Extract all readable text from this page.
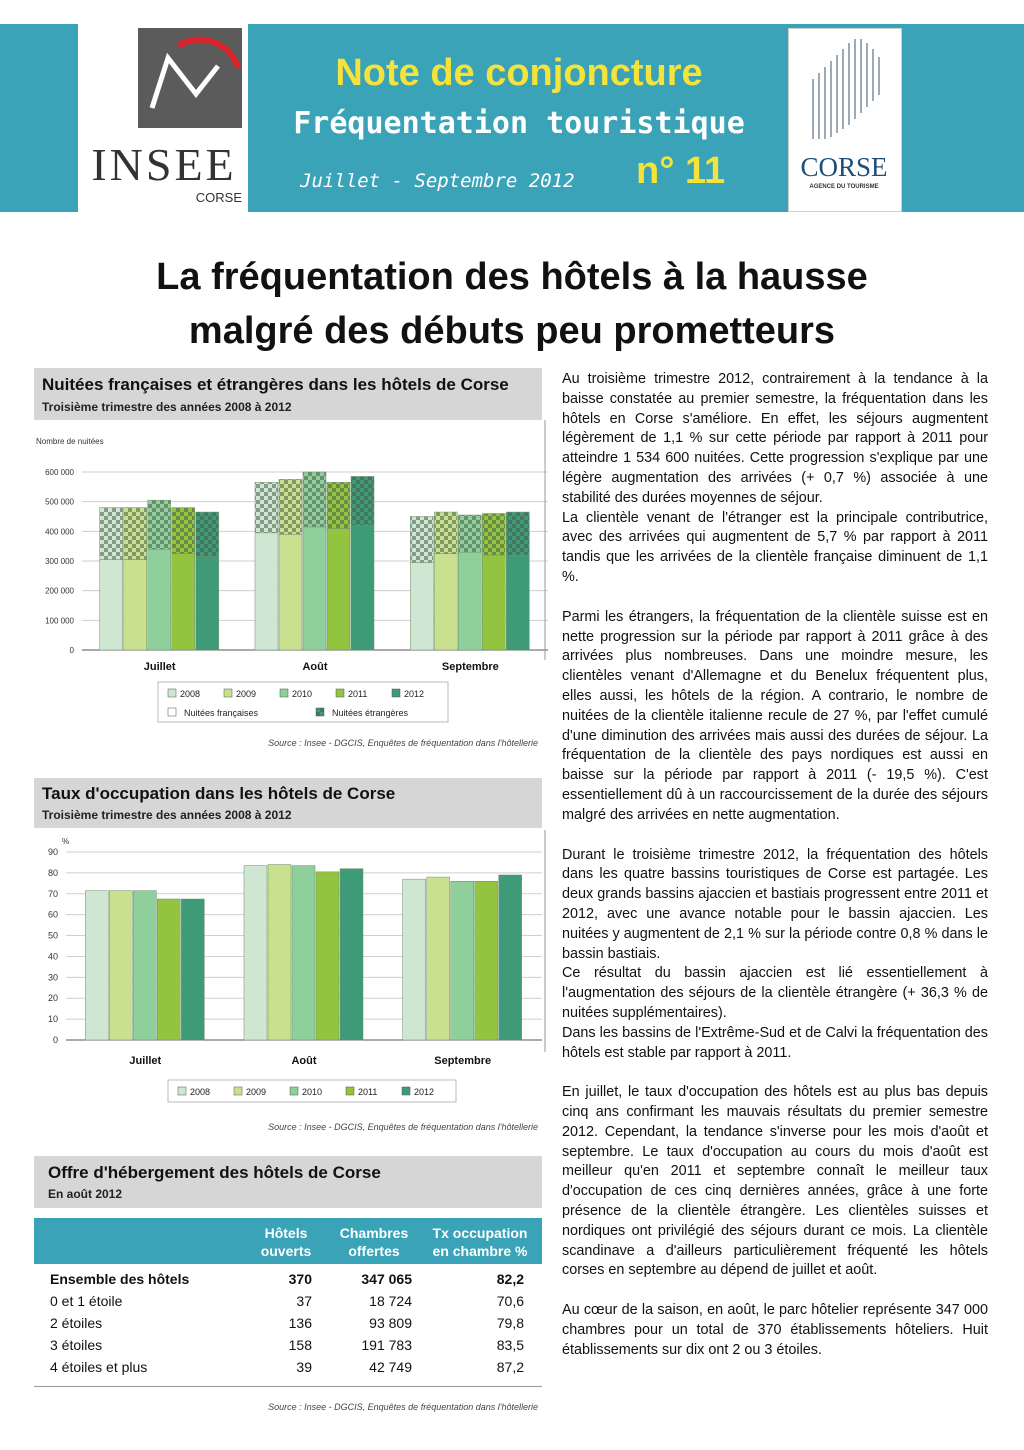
INSEE
CORSE
Note de conjoncture
Fréquentation touristique
Juillet - Septembre 2012	n° 11	CORSE
AGENCE DU TOURISME
La fréquentation des hôtels à la hausse
malgré des débuts peu prometteurs
Nuitées françaises et étrangères dans les hôtels de Corse
Troisième trimestre des années 2008 à 2012
Nombre de nuitées
0
100 000
200 000
300 000
400 000
500 000
600 000
Juillet	Août	Septembre
2008	2009	2010	2011	2012
Nuitées françaises	Nuitées étrangères
Source : Insee - DGCIS, Enquêtes de fréquentation dans l'hôtellerie
Taux d'occupation dans les hôtels de Corse
Troisième trimestre des années 2008 à 2012
%
0
10
20
30
40
50
60
70
80
90
Juillet	Août	Septembre
2008	2009	2010	2011	2012
Source : Insee - DGCIS, Enquêtes de fréquentation dans l'hôtellerie
Offre d'hébergement des hôtels de Corse
En août 2012
Hôtels
ouverts
Chambres
offertes
Tx occupation
en chambre %
Ensemble des hôtels	370	347 065	82,2
0 et 1 étoile	37	18 724	70,6
2 étoiles	136	93 809	79,8
3 étoiles	158	191 783	83,5
4 étoiles et plus	39	42 749	87,2
Source : Insee - DGCIS, Enquêtes de fréquentation dans l'hôtellerie

Au troisième trimestre 2012, contrairement à la tendance à la baisse constatée au premier semestre, la fréquentation dans les hôtels en Corse s'améliore. En effet, les séjours augmentent légèrement de 1,1 % sur cette période par rapport à 2011 pour atteindre 1 534 600 nuitées. Cette progression s'explique par une légère augmentation des arrivées (+ 0,7 %) associée à une stabilité des durées moyennes de séjour.

La clientèle venant de l'étranger est la principale contributrice, avec des arrivées qui augmentent de 5,7 % par rapport à 2011 tandis que les arrivées de la clientèle française diminuent de 1,1 %.

Parmi les étrangers, la fréquentation de la clientèle suisse est en nette progression sur la période par rapport à 2011 grâce à des arrivées plus nombreuses. Dans une moindre mesure, les clientèles venant d'Allemagne et du Benelux fréquentent plus, elles aussi, les hôtels de la région. A contrario, le nombre de nuitées de la clientèle italienne recule de 27 %, par l'effet cumulé d'une diminution des arrivées mais aussi des durées de séjour. La fréquentation de la clientèle des pays nordiques est aussi en baisse sur la période par rapport à 2011 (- 19,5 %). C'est essentiellement dû à un raccourcissement de la durée des séjours malgré des arrivées en nette augmentation.

Durant le troisième trimestre 2012, la fréquentation des hôtels dans les quatre bassins touristiques de Corse est partagée. Les deux grands bassins ajaccien et bastiais progressent entre 2011 et 2012, avec une avance notable pour le bassin ajaccien. Les nuitées y augmentent de 2,1 % sur la période contre 0,8 % dans le bassin bastiais.

Ce résultat du bassin ajaccien est lié essentiellement à l'augmentation des séjours de la clientèle étrangère (+ 36,3 % de nuitées supplémentaires).

Dans les bassins de l'Extrême-Sud et de Calvi la fréquentation des hôtels est stable par rapport à 2011.

En juillet, le taux d'occupation des hôtels est au plus bas depuis cinq ans confirmant les mauvais résultats du premier semestre 2012. Cependant, la tendance s'inverse pour les mois d'août et septembre. Le taux d'occupation au cours du mois d'août est meilleur qu'en 2011 et septembre connaît le meilleur taux d'occupation de ces cinq dernières années, grâce à une forte présence de la clientèle étrangère. Les clientèles suisses et nordiques ont privilégié des séjours durant ce mois. La clientèle scandinave a d'ailleurs particulièrement fréquenté les hôtels corses en septembre au dépend de juillet et août.

Au cœur de la saison, en août, le parc hôtelier représente 347 000 chambres pour un total de 370 établissements hôteliers. Huit établissements sur dix ont 2 ou 3 étoiles.
